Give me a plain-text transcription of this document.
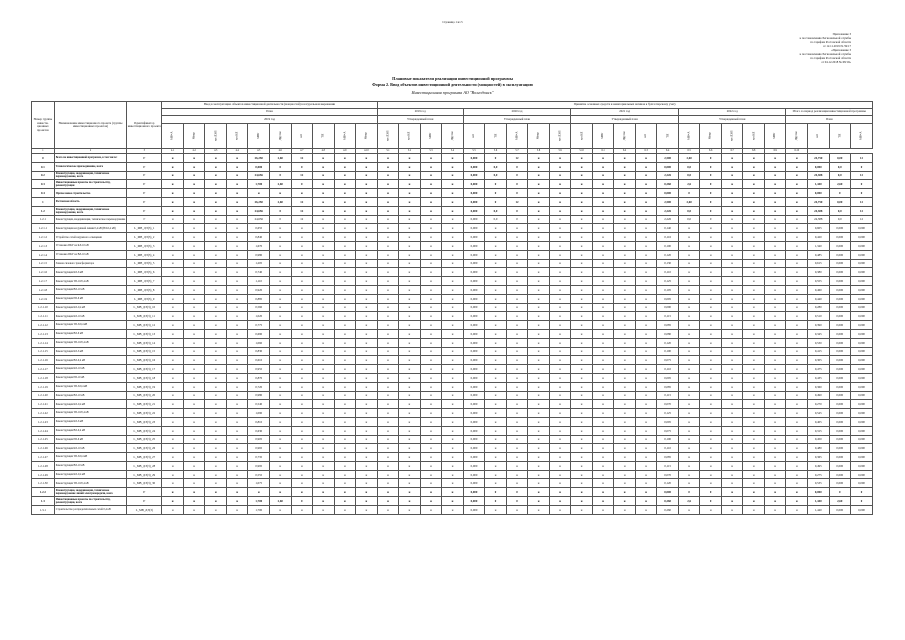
Страница 1 из 5
Приложение 3
к постановлению Региональной службы
по тарифам Ростовской области
от 12.11.2019 № 59/17
«Приложение 3
к постановлению Региональной службы
по тарифам Ростовской области
от 04.12.2018 № 68/19»
Плановые показатели реализации инвестиционной программы
Форма 2. Ввод объектов инвестиционной деятельности (мощностей) в эксплуатацию
Инвестиционная программа АО "Волгодонск"
Номер группы инвести-ционных проектов	Наименование инвестиционного проекта (группы инвестиционных проектов)	Идентификатор инвестиционного проекта	Ввод в эксплуатацию объектов инвестиционной деятельности (мощностей) в натуральном выражении										Принятие основных средств и нематериальных активов к бухгалтерскому учету																						
			План										2019 год				2020 год					2021 год					2022 год					Итого за период реализации инвестиционной программы			
			2019 год										Утвержденный план				Утвержденный план					Утвержденный план					Утвержденный план					План			
			МВ×А	Мвар	км ЛЭП	км КЛ	МВт	Другое	шт	ТП	МВ×А	Мвар	км ЛЭП	км КЛ	МВт	Другое	шт	ТП	МВ×А	Мвар	км ЛЭП	км КЛ	МВт	Другое	шт	ТП	МВ×А	Мвар	км ЛЭП	км КЛ	МВт	Другое	шт	ТП	МВ×А
1	2	3	4.1	4.2	4.3	4.4	4.5	4.6	4.7	4.8	4.9	4.10	5.1	5.2	5.3	5.4	5.5	5.6	5.7	5.8	5.9	5.10	6.1	6.2	6.3	6.4	6.5	6.6	6.7	6.8	6.9	6.10			
0	Всего по инвестиционной программе, в том числе:	Г	н	н	н	н	26,250	2,60	12	н	н	н	н	н	н	н	0,000	0	12	н	н	н	н	н	н	2,500	2,60	0	н	н	н	н	24,750	0,00	12
0.1	Технологическое присоединение, всего	Г	н	н	н	н	0,000	0	0	н	н	н	н	н	н	н	0,000	0,0	0	н	н	н	н	н	н	0,000	0,0	0	н	н	н	н	0,000	0,0	0
0.2	Реконструкция, модернизация, техническое перевооружение, всего	Г	н	н	н	н	24,656	0	12	н	н	н	н	н	н	н	0,000	0,0	0	н	н	н	н	н	н	2,226	0,0	0	н	н	н	н	24,388	0,0	12
0.3	Инвестиционные проекты по строительству, реконструкции	Г	н	н	н	н	1,700	2,60	0	н	н	н	н	н	н	н	0,000	0	0	н	н	н	н	н	н	0,260	2,6	0	н	н	н	н	1,440	2,60	0
0.4	Прочее новое строительство	Г	н	н	н	н	н	н	н	н	н	н	н	н	н	н	0,000	0	0	н	н	н	н	н	н	0,000	0	0	н	н	н	н	0,000	0	0
1	Ростовская область	Г	н	н	н	н	26,250	2,60	12	н	н	н	н	н	н	н	0,000	0	12	н	н	н	н	н	н	2,500	2,60	0	н	н	н	н	24,750	0,00	12
1.2	Реконструкция, модернизация, техническое перевооружение, всего	Г	н	н	н	н	24,656	0	12	н	н	н	н	н	н	н	0,000	0,0	0	н	н	н	н	н	н	2,226	0,0	0	н	н	н	н	24,388	0,0	12
1.2.1	Реконструкция, модернизация, техническое перевооружение	Г	н	н	н	н	24,656	0	12	н	н	н	н	н	н	н	0,000	0,0	0	н	н	н	н	н	н	2,226	0,0	0	н	н	н	н	24,388	0,0	12
1.2.1.1	Реконструкция воздушной линии 0,4 кВ (ВЛ-0,4 кВ)	L_МВ_ДЭ(3)_1	н	н	н	н	0,655	н	н	н	н	н	н	н	н	н	0,000	н	н	н	н	н	н	н	н	0,140	н	н	н	н	н	н	0,605	0,000	0,000
1.2.1.2	Устройство сетей наружного освещения	L_МВ_ДЭ(3)_2	н	н	н	н	0,840	н	н	н	н	н	н	н	н	н	0,000	н	н	н	н	н	н	н	н	0,116	н	н	н	н	н	н	0,420	0,000	0,000
1.2.1.3	Установка ПКУ на КЛ-10 кВ	L_МВ_ДЭ(3)_3	н	н	н	н	1,670	н	н	н	н	н	н	н	н	н	0,000	н	н	н	н	н	н	н	н	0,100	н	н	н	н	н	н	1,340	0,000	0,000
1.2.1.4	Установка ПКУ на ВЛ-10 кВ	L_МВ_ДЭ(3)_4	н	н	н	н	0,980	н	н	н	н	н	н	н	н	н	0,000	н	н	н	н	н	н	н	н	0,120	н	н	н	н	н	н	0,485	0,000	0,000
1.2.1.5	Замена силового трансформатора	L_МВ_ДЭ(3)_5	н	н	н	н	1,205	н	н	н	н	н	н	н	н	н	0,000	н	н	н	н	н	н	н	н	0,130	н	н	н	н	н	н	0,615	0,000	0,000
1.2.1.6	Реконструкция КЛ-6 кВ	L_МВ_ДЭ(3)_6	н	н	н	н	0,740	н	н	н	н	н	н	н	н	н	0,000	н	н	н	н	н	н	н	н	0,110	н	н	н	н	н	н	0,380	0,000	0,000
1.2.1.7	Реконструкция ТП-10/0,4 кВ	L_МВ_ДЭ(3)_7	н	н	н	н	1,110	н	н	н	н	н	н	н	н	н	0,000	н	н	н	н	н	н	н	н	0,125	н	н	н	н	н	н	0,555	0,000	0,000
1.2.1.8	Реконструкция ВЛ-10 кВ	L_МВ_ДЭ(3)_8	н	н	н	н	0,920	н	н	н	н	н	н	н	н	н	0,000	н	н	н	н	н	н	н	н	0,105	н	н	н	н	н	н	0,460	0,000	0,000
1.2.1.9	Реконструкция РП-6 кВ	L_МВ_ДЭ(3)_9	н	н	н	н	0,885	н	н	н	н	н	н	н	н	н	0,000	н	н	н	н	н	н	н	н	0,095	н	н	н	н	н	н	0,440	0,000	0,000
1.2.1.10	Реконструкция КЛ-0,4 кВ	L_МВ_ДЭ(3)_10	н	н	н	н	0,560	н	н	н	н	н	н	н	н	н	0,000	н	н	н	н	н	н	н	н	0,090	н	н	н	н	н	н	0,280	0,000	0,000
1.2.1.11	Реконструкция КЛ-10 кВ	L_МВ_ДЭ(3)_11	н	н	н	н	1,020	н	н	н	н	н	н	н	н	н	0,000	н	н	н	н	н	н	н	н	0,115	н	н	н	н	н	н	0,510	0,000	0,000
1.2.1.12	Реконструкция ТП-6/0,4 кВ	L_МВ_ДЭ(3)_12	н	н	н	н	0,775	н	н	н	н	н	н	н	н	н	0,000	н	н	н	н	н	н	н	н	0,085	н	н	н	н	н	н	0,390	0,000	0,000
1.2.1.13	Реконструкция ВЛ-6 кВ	L_МВ_ДЭ(3)_13	н	н	н	н	0,690	н	н	н	н	н	н	н	н	н	0,000	н	н	н	н	н	н	н	н	0,080	н	н	н	н	н	н	0,345	0,000	0,000
1.2.1.14	Реконструкция ТП-10/0,4 кВ	L_МВ_ДЭ(3)_14	н	н	н	н	1,060	н	н	н	н	н	н	н	н	н	0,000	н	н	н	н	н	н	н	н	0,120	н	н	н	н	н	н	0,530	0,000	0,000
1.2.1.15	Реконструкция КЛ-6 кВ	L_МВ_ДЭ(3)_15	н	н	н	н	0,830	н	н	н	н	н	н	н	н	н	0,000	н	н	н	н	н	н	н	н	0,100	н	н	н	н	н	н	0,415	0,000	0,000
1.2.1.16	Реконструкция ВЛ-0,4 кВ	L_МВ_ДЭ(3)_16	н	н	н	н	0,610	н	н	н	н	н	н	н	н	н	0,000	н	н	н	н	н	н	н	н	0,075	н	н	н	н	н	н	0,305	0,000	0,000
1.2.1.17	Реконструкция КЛ-10 кВ	L_МВ_ДЭ(3)_17	н	н	н	н	0,955	н	н	н	н	н	н	н	н	н	0,000	н	н	н	н	н	н	н	н	0,110	н	н	н	н	н	н	0,475	0,000	0,000
1.2.1.18	Реконструкция РП-10 кВ	L_МВ_ДЭ(3)_18	н	н	н	н	0,870	н	н	н	н	н	н	н	н	н	0,000	н	н	н	н	н	н	н	н	0,095	н	н	н	н	н	н	0,435	0,000	0,000
1.2.1.19	Реконструкция ТП-6/0,4 кВ	L_МВ_ДЭ(3)_19	н	н	н	н	0,720	н	н	н	н	н	н	н	н	н	0,000	н	н	н	н	н	н	н	н	0,085	н	н	н	н	н	н	0,360	0,000	0,000
1.2.1.20	Реконструкция ВЛ-10 кВ	L_МВ_ДЭ(3)_20	н	н	н	н	0,980	н	н	н	н	н	н	н	н	н	0,000	н	н	н	н	н	н	н	н	0,115	н	н	н	н	н	н	0,490	0,000	0,000
1.2.1.21	Реконструкция КЛ-0,4 кВ	L_МВ_ДЭ(3)_21	н	н	н	н	0,540	н	н	н	н	н	н	н	н	н	0,000	н	н	н	н	н	н	н	н	0,070	н	н	н	н	н	н	0,270	0,000	0,000
1.2.1.22	Реконструкция ТП-10/0,4 кВ	L_МВ_ДЭ(3)_22	н	н	н	н	1,090	н	н	н	н	н	н	н	н	н	0,000	н	н	н	н	н	н	н	н	0,125	н	н	н	н	н	н	0,545	0,000	0,000
1.2.1.23	Реконструкция КЛ-6 кВ	L_МВ_ДЭ(3)_23	н	н	н	н	0,810	н	н	н	н	н	н	н	н	н	0,000	н	н	н	н	н	н	н	н	0,095	н	н	н	н	н	н	0,405	0,000	0,000
1.2.1.24	Реконструкция ВЛ-0,4 кВ	L_МВ_ДЭ(3)_24	н	н	н	н	0,630	н	н	н	н	н	н	н	н	н	0,000	н	н	н	н	н	н	н	н	0,075	н	н	н	н	н	н	0,315	0,000	0,000
1.2.1.25	Реконструкция РП-6 кВ	L_МВ_ДЭ(3)_25	н	н	н	н	0,905	н	н	н	н	н	н	н	н	н	0,000	н	н	н	н	н	н	н	н	0,100	н	н	н	н	н	н	0,450	0,000	0,000
1.2.1.26	Реконструкция КЛ-10 кВ	L_МВ_ДЭ(3)_26	н	н	н	н	0,965	н	н	н	н	н	н	н	н	н	0,000	н	н	н	н	н	н	н	н	0,110	н	н	н	н	н	н	0,480	0,000	0,000
1.2.1.27	Реконструкция ТП-6/0,4 кВ	L_МВ_ДЭ(3)_27	н	н	н	н	0,735	н	н	н	н	н	н	н	н	н	0,000	н	н	н	н	н	н	н	н	0,085	н	н	н	н	н	н	0,365	0,000	0,000
1.2.1.28	Реконструкция ВЛ-10 кВ	L_МВ_ДЭ(3)_28	н	н	н	н	0,995	н	н	н	н	н	н	н	н	н	0,000	н	н	н	н	н	н	н	н	0,115	н	н	н	н	н	н	0,495	0,000	0,000
1.2.1.29	Реконструкция КЛ-0,4 кВ	L_МВ_ДЭ(3)_29	н	н	н	н	0,555	н	н	н	н	н	н	н	н	н	0,000	н	н	н	н	н	н	н	н	0,070	н	н	н	н	н	н	0,275	0,000	0,000
1.2.1.30	Реконструкция ТП-10/0,4 кВ	L_МВ_ДЭ(3)_30	н	н	н	н	1,075	н	н	н	н	н	н	н	н	н	0,000	н	н	н	н	н	н	н	н	0,120	н	н	н	н	н	н	0,535	0,000	0,000
1.2.2	Реконструкция, модернизация, техническое перевооружение линий электропередачи, всего	Г	н	н	н	н	н	н	н	н	н	н	н	н	н	н	0,000	0	0	н	н	н	н	н	н	0,000	0	0	н	н	н	н	0,000	0	0
1.3	Инвестиционные проекты по строительству, реконструкции, всего	Г	н	н	н	н	1,700	2,60	0	н	н	н	н	н	н	н	0,000	0	0	н	н	н	н	н	н	0,260	2,6	0	н	н	н	н	1,440	2,60	0
1.3.1	Строительство распределительных сетей 0,4 кВ	L_МВ_ДЭ(3)	н	н	н	н	1,700	н	н	н	н	н	н	н	н	н	0,000	н	н	н	н	н	н	н	н	0,260	н	н	н	н	н	н	1,440	0,000	0,000
